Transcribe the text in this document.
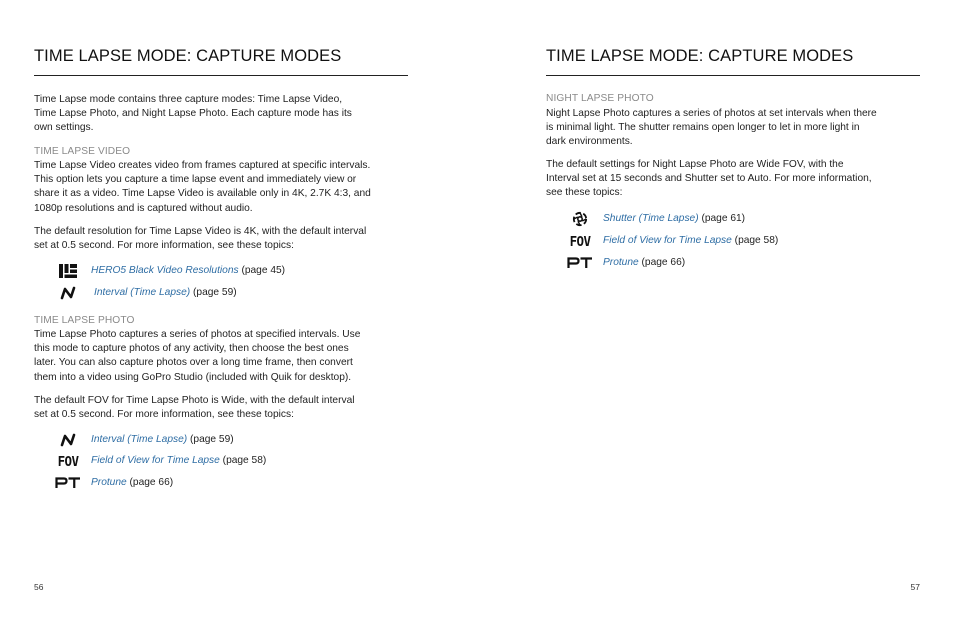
TIME LAPSE MODE: CAPTURE MODES

Time Lapse mode contains three capture modes: Time Lapse Video,
Time Lapse Photo, and Night Lapse Photo. Each capture mode has its
own settings.

TIME LAPSE VIDEO

Time Lapse Video creates video from frames captured at specific intervals.
This option lets you capture a time lapse event and immediately view or
share it as a video. Time Lapse Video is available only in 4K, 2.7K 4:3, and
1080p resolutions and is captured without audio.

The default resolution for Time Lapse Video is 4K, with the default interval
set at 0.5 second. For more information, see these topics:

HERO5 Black Video Resolutions (page 45)
Interval (Time Lapse) (page 59)
TIME LAPSE PHOTO

Time Lapse Photo captures a series of photos at specified intervals. Use
this mode to capture photos of any activity, then choose the best ones
later. You can also capture photos over a long time frame, then convert
them into a video using GoPro Studio (included with Quik for desktop).

The default FOV for Time Lapse Photo is Wide, with the default interval
set at 0.5 second. For more information, see these topics:

Interval (Time Lapse) (page 59)
FOV Field of View for Time Lapse (page 58)
Protune (page 66)
56
TIME LAPSE MODE: CAPTURE MODES
NIGHT LAPSE PHOTO

Night Lapse Photo captures a series of photos at set intervals when there
is minimal light. The shutter remains open longer to let in more light in
dark environments.

The default settings for Night Lapse Photo are Wide FOV, with the
Interval set at 15 seconds and Shutter set to Auto. For more information,
see these topics:

Shutter (Time Lapse) (page 61)
FOV Field of View for Time Lapse (page 58)
Protune (page 66)
57
